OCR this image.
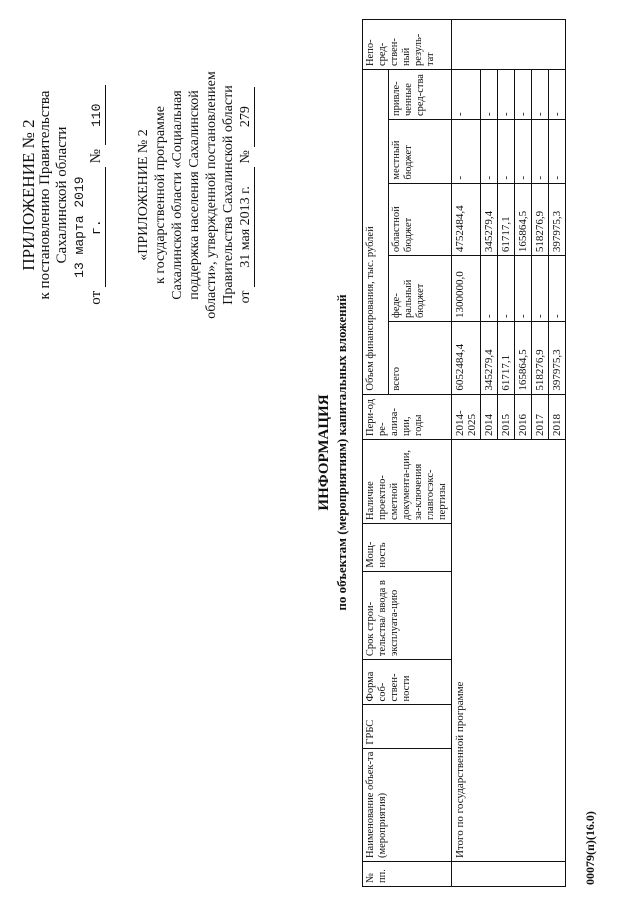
ПРИЛОЖЕНИЕ № 2 к постановлению Правительства Сахалинской области
от 13 марта 2019 г. № 110
«ПРИЛОЖЕНИЕ № 2 к государственной программе Сахалинской области «Социальная поддержка населения Сахалинской области», утвержденной постановлением Правительства Сахалинской области от 31 мая 2013 г. № 279
ИНФОРМАЦИЯ по объектам (мероприятиям) капитальных вложений
№ пп.	Наименование объек-та (мероприятия)	ГРБС	Форма соб-ствен-ности	Срок строи-тельства/ ввода в эксплуата-цию	Мощ-ность	Наличие проектно-сметной документа-ции, за-ключения главгосэкс-пертизы	Пери-од ре-ализа-ции, годы	Объем финансирования, тыс. рублей					Непо-сред-ствен-ный резуль-тат
								всего	феде-ральный бюджет	областной бюджет	местный бюджет	привле-ченные сред-ства	
	Итого по государственной программе						2014-2025	6052484,4	1300000,0	4752484,4	-	-	
							2014	345279,4	-	345279,4	-	-	
							2015	61717,1	-	61717,1	-	-	
							2016	165864,5	-	165864,5	-	-	
							2017	518276,9	-	518276,9	-	-	
							2018	397975,3	-	397975,3	-	-	
00079(п)(16.0)
